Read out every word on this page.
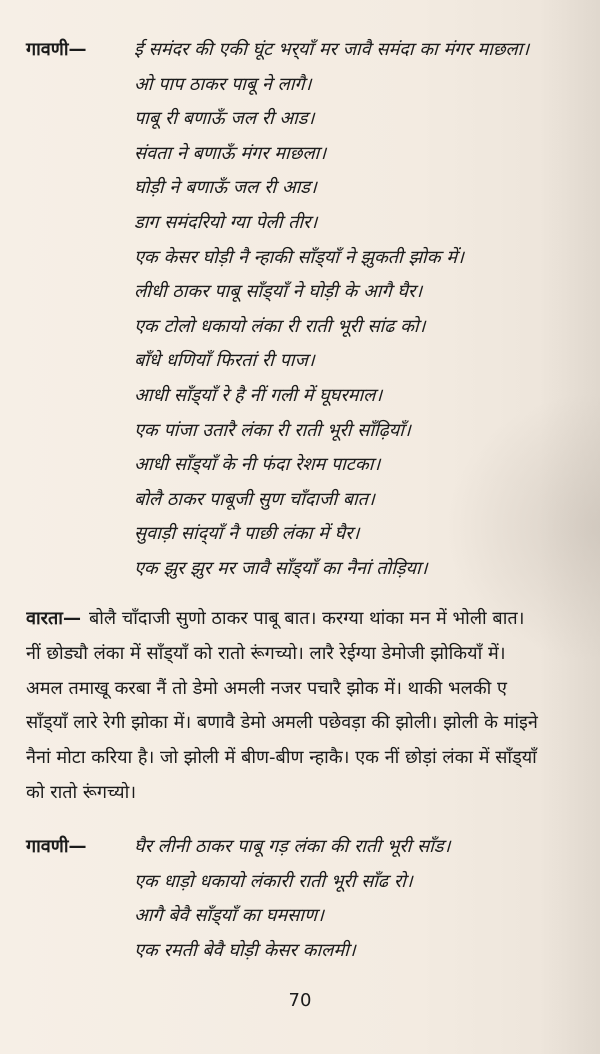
गावणी—	ई समंदर की एकी घूंट भर्‌याँ मर जावै समंदा का मंगर माछला।
ओ पाप ठाकर पाबू ने लागै।
पाबू री बणाऊँ जल री आड।
संवता ने बणाऊँ मंगर माछला।
घोड़ी ने बणाऊँ जल री आड।
डाग समंदरियो ग्या पेली तीर।
एक केसर घोड़ी नै न्हाकी साँड्‌याँ ने झुकती झोक में।
लीधी ठाकर पाबू साँड्‌याँ ने घोड़ी के आगै घैर।
एक टोलो धकायो लंका री राती भूरी सांढ को।
बाँधे धणियाँ फिरतां री पाज।
आधी साँड्‌याँ रे है नीं गली में घूघरमाल।
एक पांजा उतारै लंका री राती भूरी साँढ़ियाँ।
आधी साँड्‌याँ के नी फंदा रेशम पाटका।
बोलै ठाकर पाबूजी सुण चाँदाजी बात।
सुवाड़ी सांद्‌याँ नै पाछी लंका में घैर।
एक झुर झुर मर जावै साँड्‌याँ का नैनां तोड़िया।
वारता— बोलै चाँदाजी सुणो ठाकर पाबू बात। करग्या थांका मन में भोली बात।
नीं छोड्यौ लंका में साँड्‌याँ को रातो रूंगच्यो। लारै रेईग्या डेमोजी झोकियाँ में।
अमल तमाखू करबा नैं तो डेमो अमली नजर पचारै झोक में। थाकी भलकी ए
साँड्‌याँ लारे रेगी झोका में। बणावै डेमो अमली पछेवड़ा की झोली। झोली के मांइने
नैनां मोटा करिया है। जो झोली में बीण-बीण न्हाकै। एक नीं छोड़ां लंका में साँड्‌याँ
को रातो रूंगच्यो।
गावणी—	घैर लीनी ठाकर पाबू गड़ लंका की राती भूरी साँड।
एक धाड़ो धकायो लंकारी राती भूरी साँढ रो।
आगै बेवै साँड्‌याँ का घमसाण।
एक रमती बेवै घोड़ी केसर कालमी।
70
